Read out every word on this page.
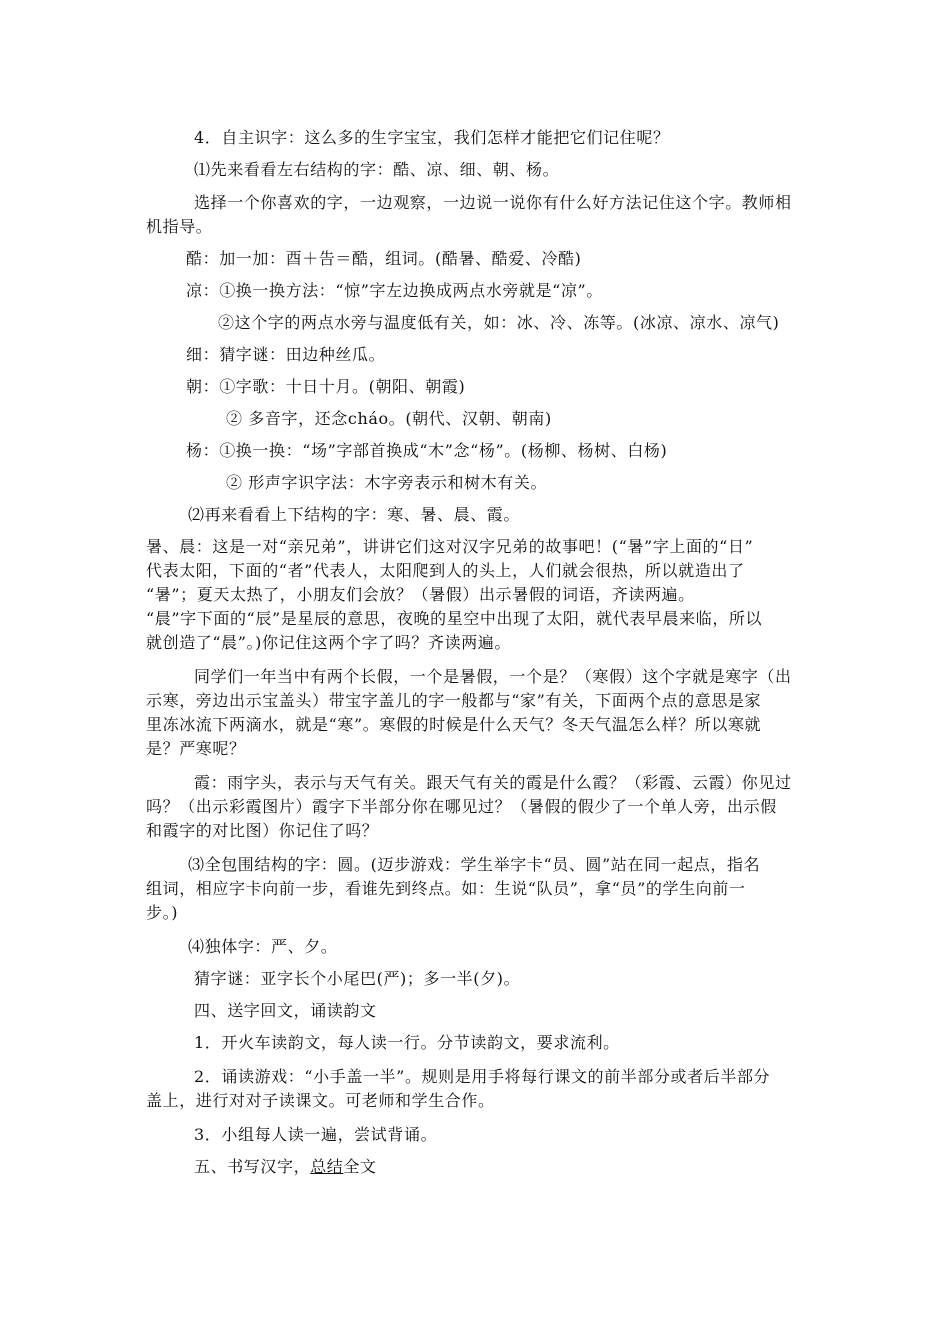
4．自主识字：这么多的生字宝宝，我们怎样才能把它们记住呢？
⑴先来看看左右结构的字：酷、凉、细、朝、杨。
选择一个你喜欢的字，一边观察，一边说一说你有什么好方法记住这个字。教师相
机指导。
酷：加一加：酉＋告＝酷，组词。(酷暑、酷爱、冷酷)
凉：①换一换方法：“惊”字左边换成两点水旁就是“凉”。
②这个字的两点水旁与温度低有关，如：冰、冷、冻等。(冰凉、凉水、凉气)
细：猜字谜：田边种丝瓜。
朝：①字歌：十日十月。(朝阳、朝霞)
② 多音字，还念cháo。(朝代、汉朝、朝南)
杨：①换一换：“场”字部首换成“木”念“杨”。(杨柳、杨树、白杨)
② 形声字识字法：木字旁表示和树木有关。
⑵再来看看上下结构的字：寒、暑、晨、霞。
暑、晨：这是一对“亲兄弟”，讲讲它们这对汉字兄弟的故事吧！(“暑”字上面的“日”
代表太阳，下面的“者”代表人，太阳爬到人的头上，人们就会很热，所以就造出了
“暑”；夏天太热了，小朋友们会放？（暑假）出示暑假的词语，齐读两遍。
“晨”字下面的“辰”是星辰的意思，夜晚的星空中出现了太阳，就代表早晨来临，所以
就创造了“晨”。)你记住这两个字了吗？齐读两遍。
同学们一年当中有两个长假，一个是暑假，一个是？（寒假）这个字就是寒字（出
示寒，旁边出示宝盖头）带宝字盖儿的字一般都与“家”有关，下面两个点的意思是家
里冻冰流下两滴水，就是“寒”。寒假的时候是什么天气？冬天气温怎么样？所以寒就
是？严寒呢？
霞：雨字头，表示与天气有关。跟天气有关的霞是什么霞？（彩霞、云霞）你见过
吗？（出示彩霞图片）霞字下半部分你在哪见过？（暑假的假少了一个单人旁，出示假
和霞字的对比图）你记住了吗？
⑶全包围结构的字：圆。(迈步游戏：学生举字卡“员、圆”站在同一起点，指名
组词，相应字卡向前一步，看谁先到终点。如：生说“队员”，拿“员”的学生向前一
步。)
⑷独体字：严、夕。
猜字谜：亚字长个小尾巴(严)；多一半(夕)。
四、送字回文，诵读韵文
1．开火车读韵文，每人读一行。分节读韵文，要求流利。
2．诵读游戏：“小手盖一半”。规则是用手将每行课文的前半部分或者后半部分
盖上，进行对对子读课文。可老师和学生合作。
3．小组每人读一遍，尝试背诵。
五、书写汉字，总结全文
